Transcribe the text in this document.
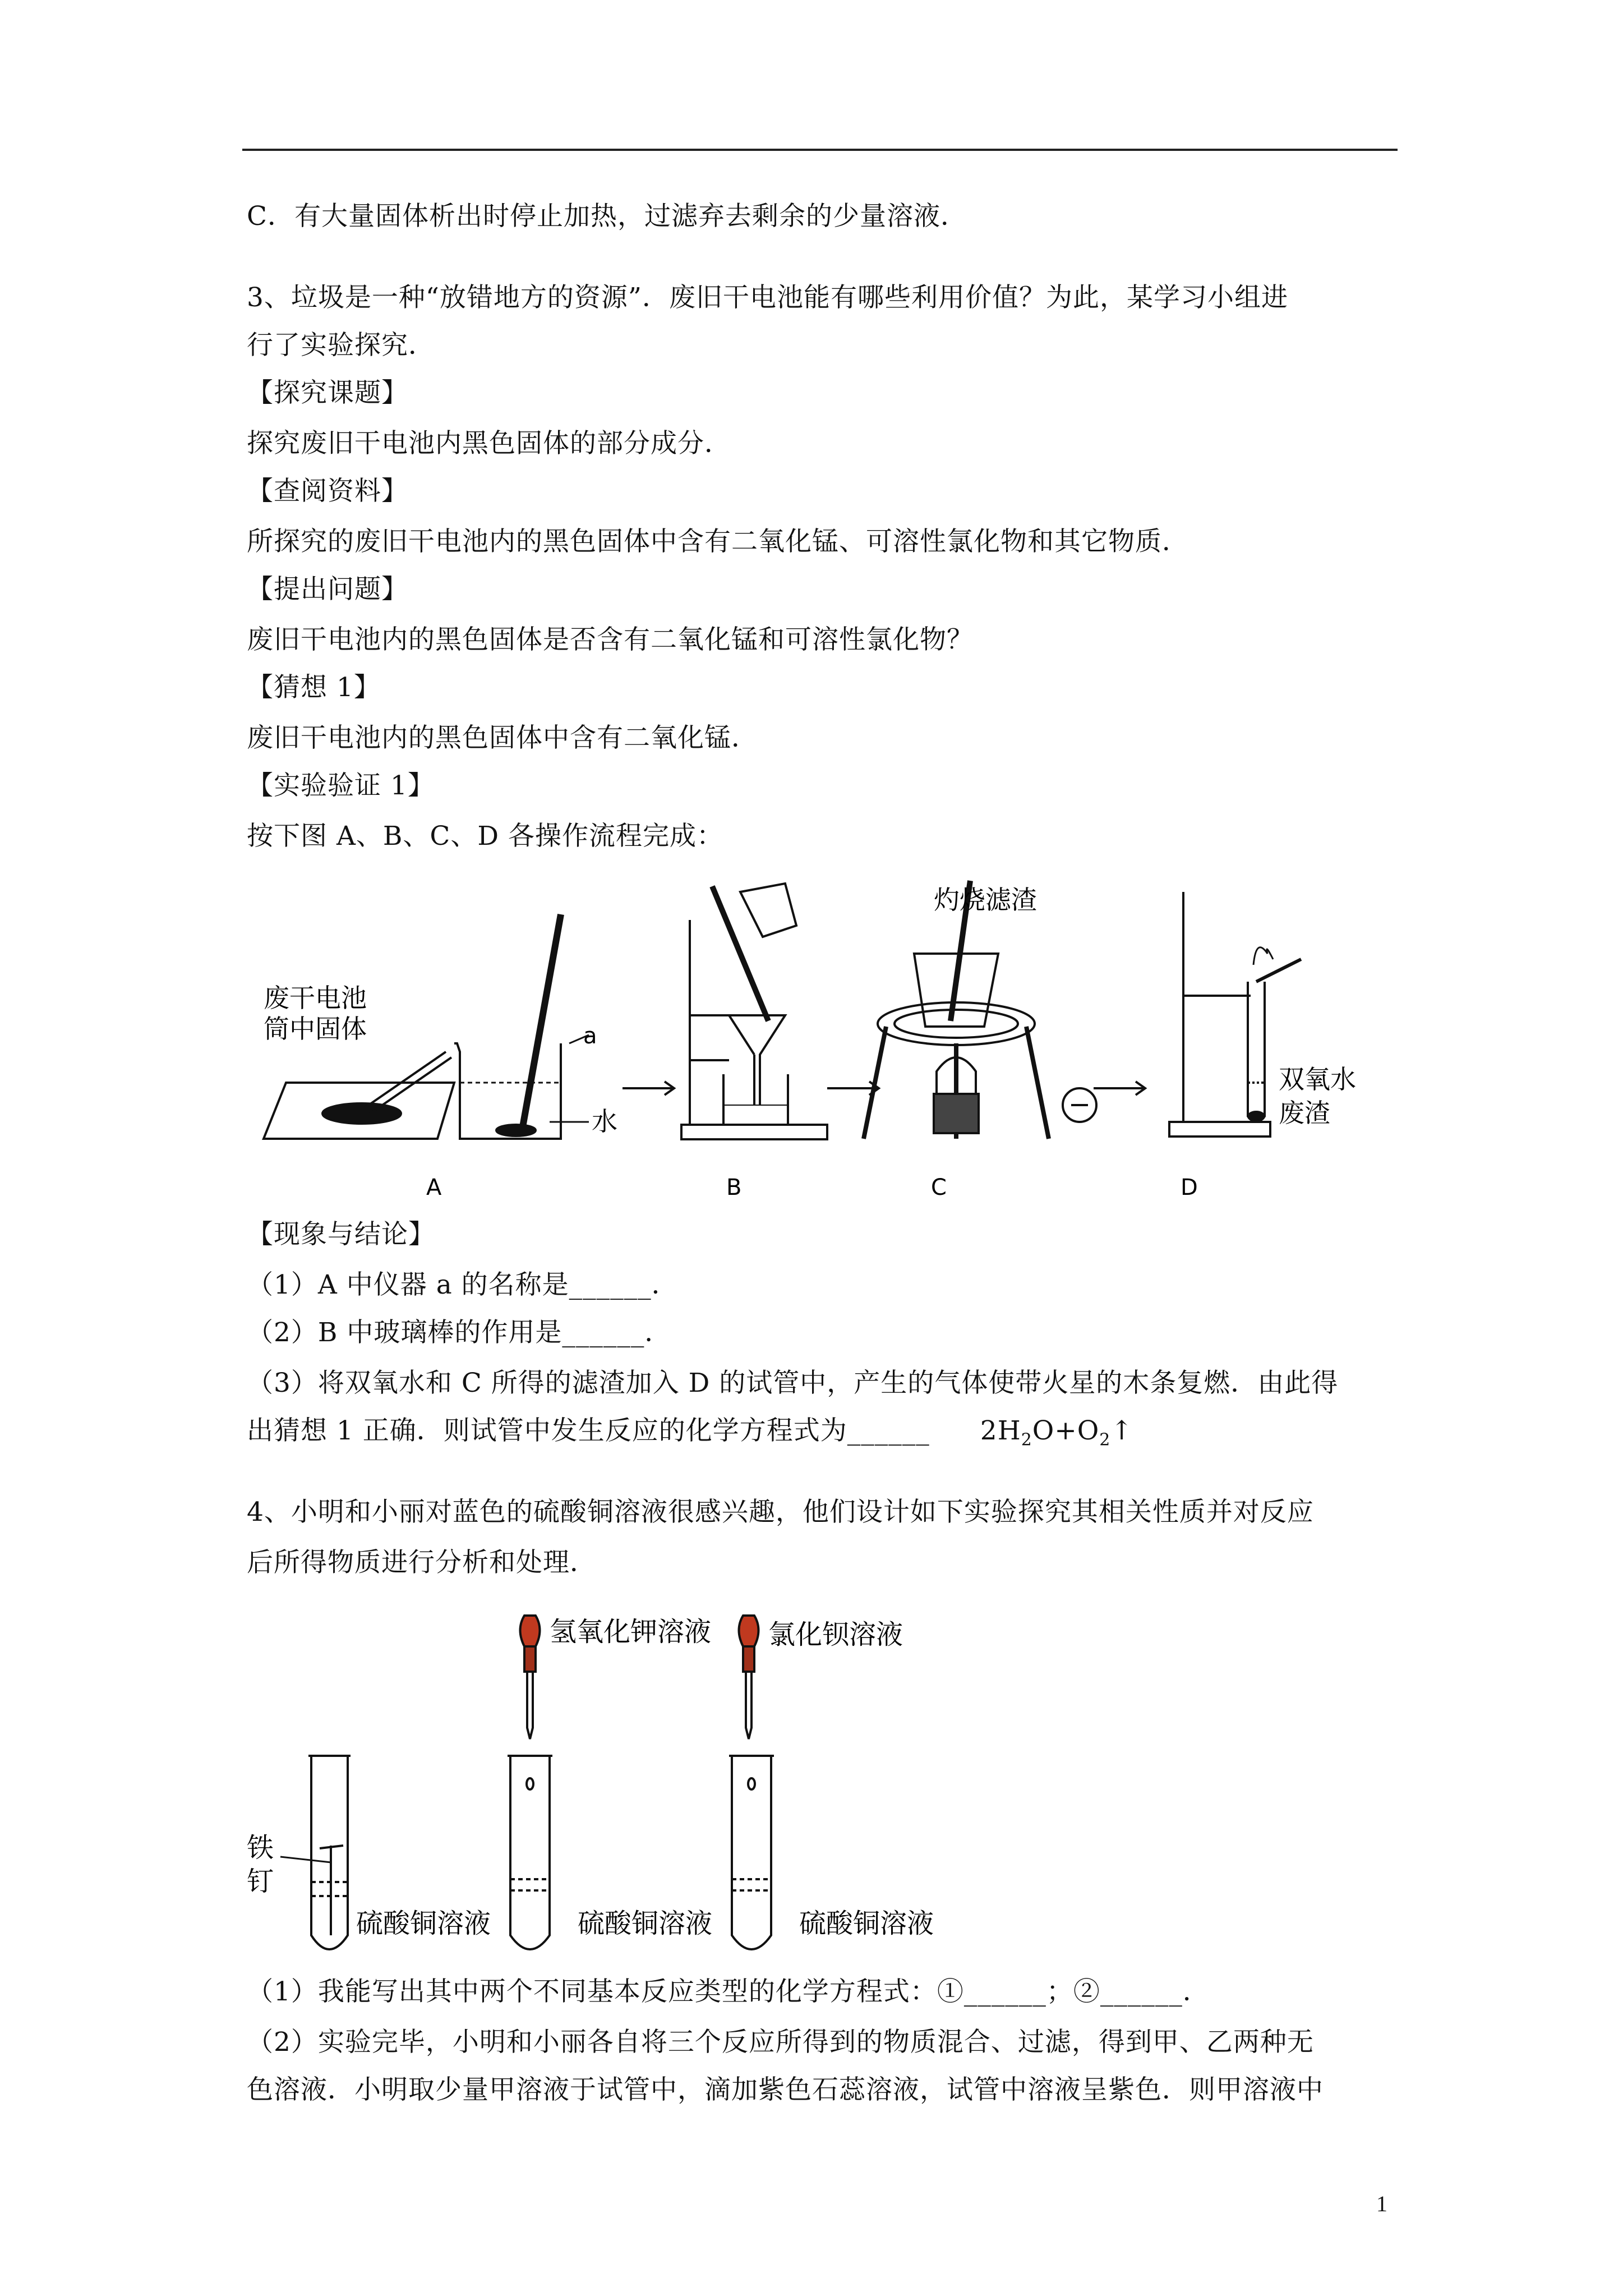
C．有大量固体析出时停止加热，过滤弃去剩余的少量溶液．
3、垃圾是一种“放错地方的资源”．废旧干电池能有哪些利用价值？为此，某学习小组进
行了实验探究．
【探究课题】
探究废旧干电池内黑色固体的部分成分．
【查阅资料】
所探究的废旧干电池内的黑色固体中含有二氧化锰、可溶性氯化物和其它物质．
【提出问题】
废旧干电池内的黑色固体是否含有二氧化锰和可溶性氯化物？
【猜想 1】
废旧干电池内的黑色固体中含有二氧化锰．
【实验验证 1】
按下图 A、B、C、D 各操作流程完成：
废干电池
筒中固体	a
水
A	B
灼烧滤渣
C
双氧水
废渣
D
【现象与结论】
（1）A 中仪器 a 的名称是______．
（2）B 中玻璃棒的作用是______．
（3）将双氧水和 C 所得的滤渣加入 D 的试管中，产生的气体使带火星的木条复燃．由此得
出猜想 1 正确．则试管中发生反应的化学方程式为______ $2H_2O+O_2↑$
4、小明和小丽对蓝色的硫酸铜溶液很感兴趣，他们设计如下实验探究其相关性质并对反应
后所得物质进行分析和处理．
铁
钉
硫酸铜溶液
氢氧化钾溶液
硫酸铜溶液
氯化钡溶液
硫酸铜溶液
（1）我能写出其中两个不同基本反应类型的化学方程式：①______；②______．
（2）实验完毕，小明和小丽各自将三个反应所得到的物质混合、过滤，得到甲、乙两种无
色溶液．小明取少量甲溶液于试管中，滴加紫色石蕊溶液，试管中溶液呈紫色．则甲溶液中
1
